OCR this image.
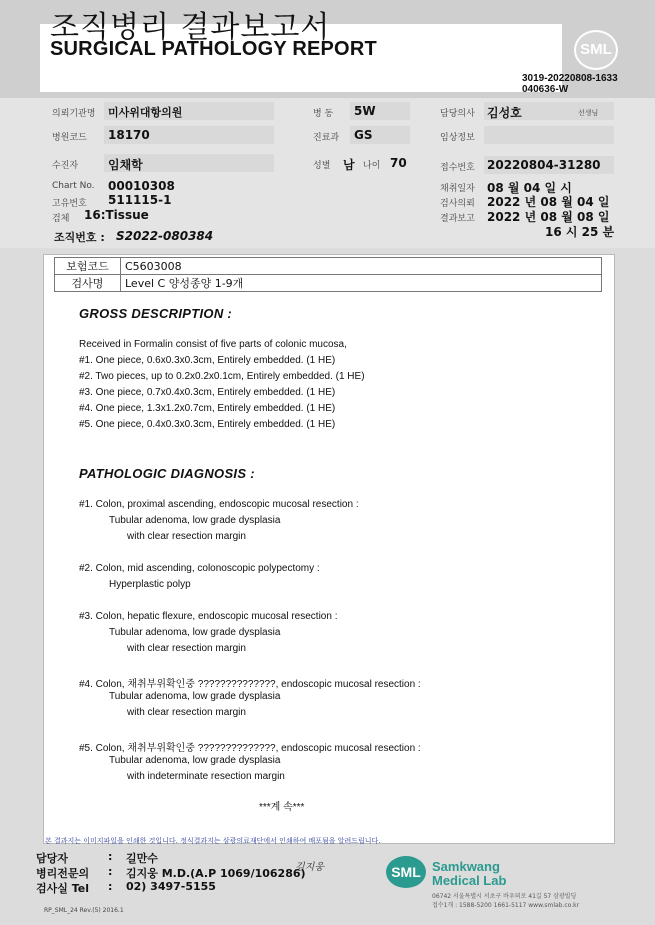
조직병리 결과보고서
SURGICAL PATHOLOGY REPORT	SML
3019-20220808-1633
040636-W
의뢰기관명 미사위대항의원	병 동 5W	담당의사 김성호	선생님
병원코드 18170	진료과 GS	임상정보
수진자 임채학	성별 남 나이 70	접수번호 20220804-31280
Chart No. 00010308
고유번호 511115-1
검체 16:Tissue
조직번호 : S2022-080384
채취일자 08 월 04 일 시
검사의뢰 2022 년 08 월 04 일
결과보고 2022 년 08 월 08 일
16 시 25 분
보험코드	C5603008
검사명	Level C 양성종양 1-9개
GROSS DESCRIPTION :
Received in Formalin consist of five parts of colonic mucosa,
#1. One piece, 0.6x0.3x0.3cm, Entirely embedded. (1 HE)
#2. Two pieces, up to 0.2x0.2x0.1cm, Entirely embedded. (1 HE)
#3. One piece, 0.7x0.4x0.3cm, Entirely embedded. (1 HE)
#4. One piece, 1.3x1.2x0.7cm, Entirely embedded. (1 HE)
#5. One piece, 0.4x0.3x0.3cm, Entirely embedded. (1 HE)
PATHOLOGIC DIAGNOSIS :
#1. Colon, proximal ascending, endoscopic mucosal resection :
Tubular adenoma, low grade dysplasia
with clear resection margin
#2. Colon, mid ascending, colonoscopic polypectomy :
Hyperplastic polyp
#3. Colon, hepatic flexure, endoscopic mucosal resection :
Tubular adenoma, low grade dysplasia
with clear resection margin
#4. Colon, 채취부위확인중 ??????????????, endoscopic mucosal resection :
Tubular adenoma, low grade dysplasia
with clear resection margin
#5. Colon, 채취부위확인중 ??????????????, endoscopic mucosal resection :
Tubular adenoma, low grade dysplasia
with indeterminate resection margin
***계 속***
본 결과지는 이미지파일을 인쇄한 것입니다. 정식결과지는 삼광의료재단에서 인쇄하여 배포됨을 알려드립니다.
담당자	: 길만수
병리전문의 : 김지웅 M.D.(A.P 1069/106286)
검사실 Tel : 02) 3497-5155
김지웅	SML Samkwang
Medical Lab
06742 서울특별시 서초구 바우뫼로 41길 57 삼광빌딩
접수1개 : 1588-5200 1661-5117 www.smlab.co.kr
RP_SML_24 Rev.(5) 2016.1
